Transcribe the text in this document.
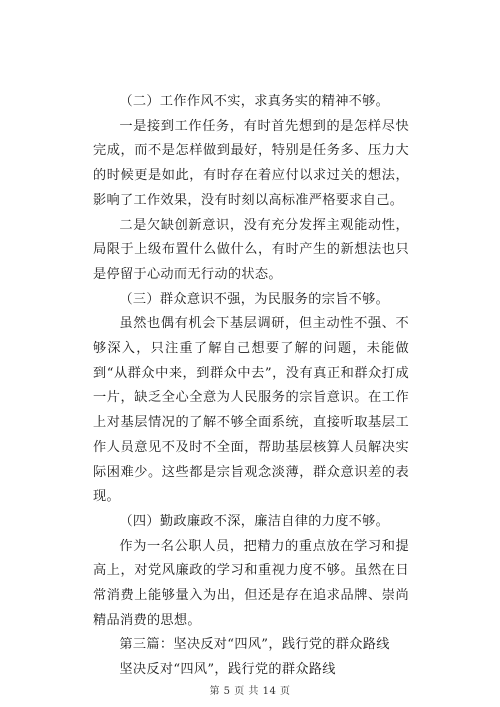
（二）工作作风不实，求真务实的精神不够。

一是接到工作任务，有时首先想到的是怎样尽快完成，而不是怎样做到最好，特别是任务多、压力大的时候更是如此，有时存在着应付以求过关的想法，影响了工作效果，没有时刻以高标准严格要求自己。

二是欠缺创新意识，没有充分发挥主观能动性，局限于上级布置什么做什么，有时产生的新想法也只是停留于心动而无行动的状态。

（三）群众意识不强，为民服务的宗旨不够。

虽然也偶有机会下基层调研，但主动性不强、不够深入，只注重了解自己想要了解的问题，未能做到“从群众中来，到群众中去”，没有真正和群众打成一片，缺乏全心全意为人民服务的宗旨意识。在工作上对基层情况的了解不够全面系统，直接听取基层工作人员意见不及时不全面，帮助基层核算人员解决实际困难少。这些都是宗旨观念淡薄，群众意识差的表现。

（四）勤政廉政不深，廉洁自律的力度不够。

作为一名公职人员，把精力的重点放在学习和提高上，对党风廉政的学习和重视力度不够。虽然在日常消费上能够量入为出，但还是存在追求品牌、崇尚精品消费的思想。

第三篇：坚决反对“四风”，践行党的群众路线

坚决反对“四风”，践行党的群众路线

第 5 页 共 14 页
